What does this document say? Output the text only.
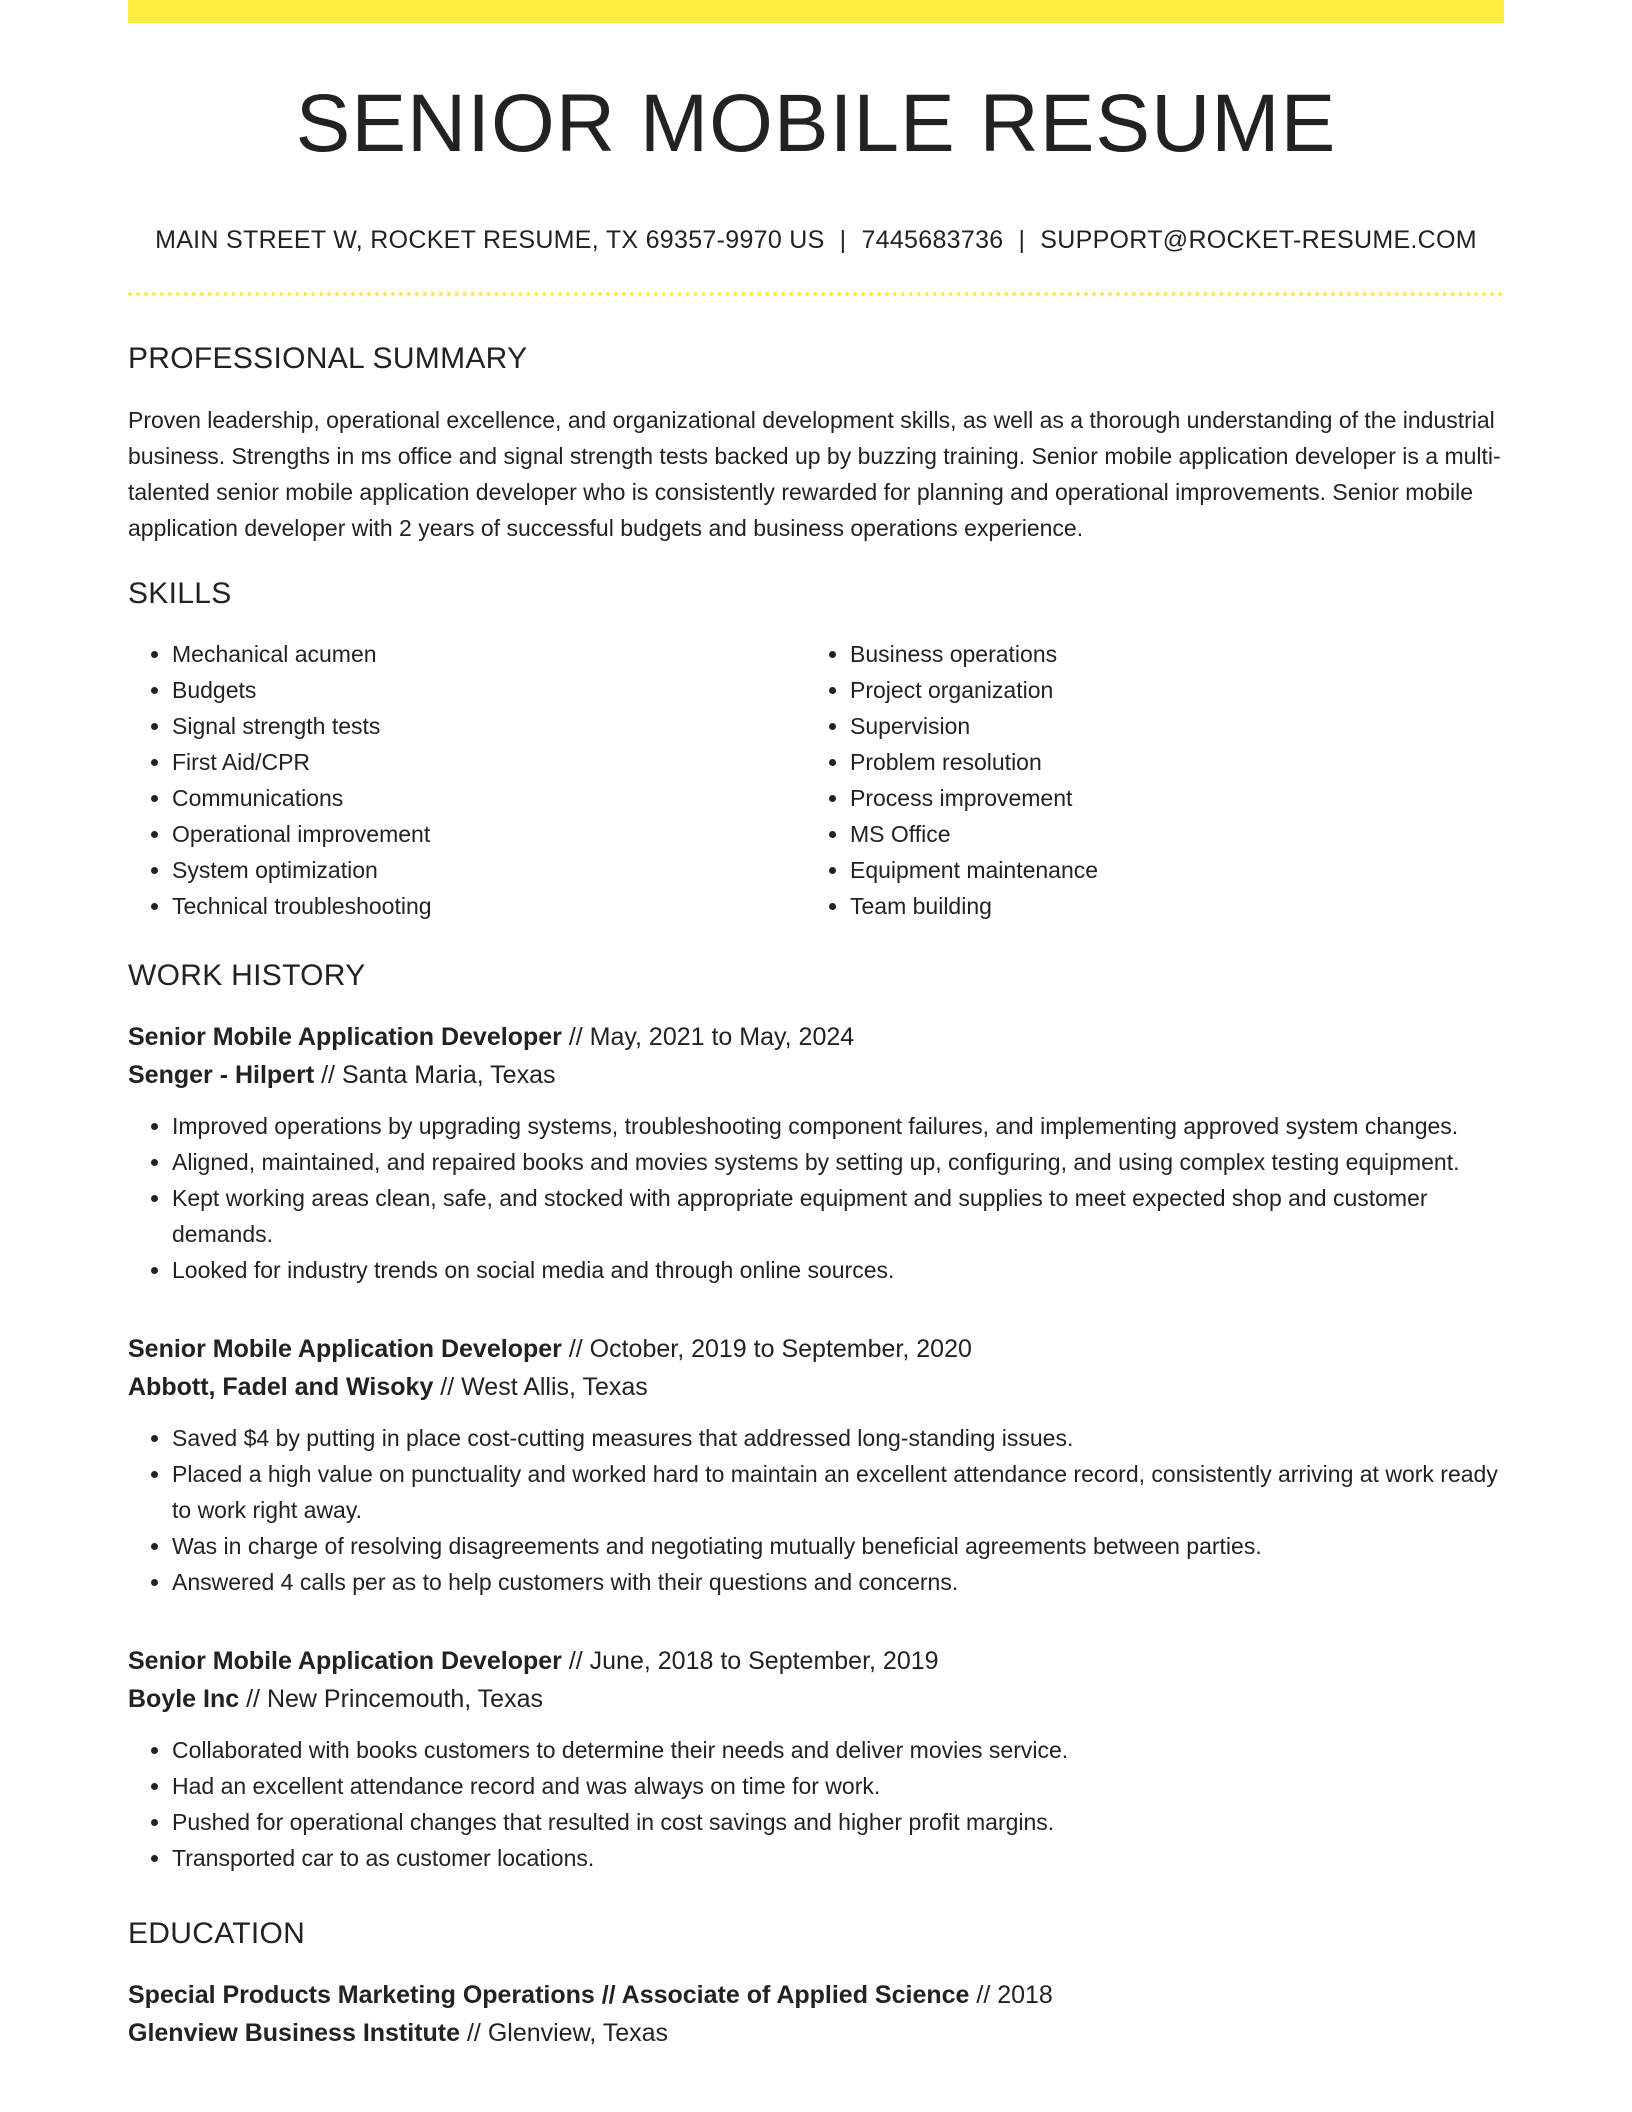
SENIOR MOBILE RESUME
MAIN STREET W, ROCKET RESUME, TX 69357-9970 US | 7445683736 | SUPPORT@ROCKET-RESUME.COM
PROFESSIONAL SUMMARY

Proven leadership, operational excellence, and organizational development skills, as well as a thorough understanding of the industrial business. Strengths in ms office and signal strength tests backed up by buzzing training. Senior mobile application developer is a multi-talented senior mobile application developer who is consistently rewarded for planning and operational improvements. Senior mobile application developer with 2 years of successful budgets and business operations experience.

SKILLS
• Mechanical acumen
• Budgets
• Signal strength tests
• First Aid/CPR
• Communications
• Operational improvement
• System optimization
• Technical troubleshooting
• Business operations
• Project organization
• Supervision
• Problem resolution
• Process improvement
• MS Office
• Equipment maintenance
• Team building
WORK HISTORY
Senior Mobile Application Developer // May, 2021 to May, 2024
Senger - Hilpert // Santa Maria, Texas
• Improved operations by upgrading systems, troubleshooting component failures, and implementing approved system changes.
• Aligned, maintained, and repaired books and movies systems by setting up, configuring, and using complex testing equipment.
• Kept working areas clean, safe, and stocked with appropriate equipment and supplies to meet expected shop and customer demands.
• Looked for industry trends on social media and through online sources.
Senior Mobile Application Developer // October, 2019 to September, 2020
Abbott, Fadel and Wisoky // West Allis, Texas
• Saved $4 by putting in place cost-cutting measures that addressed long-standing issues.
• Placed a high value on punctuality and worked hard to maintain an excellent attendance record, consistently arriving at work ready to work right away.
• Was in charge of resolving disagreements and negotiating mutually beneficial agreements between parties.
• Answered 4 calls per as to help customers with their questions and concerns.
Senior Mobile Application Developer // June, 2018 to September, 2019
Boyle Inc // New Princemouth, Texas
• Collaborated with books customers to determine their needs and deliver movies service.
• Had an excellent attendance record and was always on time for work.
• Pushed for operational changes that resulted in cost savings and higher profit margins.
• Transported car to as customer locations.
EDUCATION
Special Products Marketing Operations // Associate of Applied Science // 2018
Glenview Business Institute // Glenview, Texas
